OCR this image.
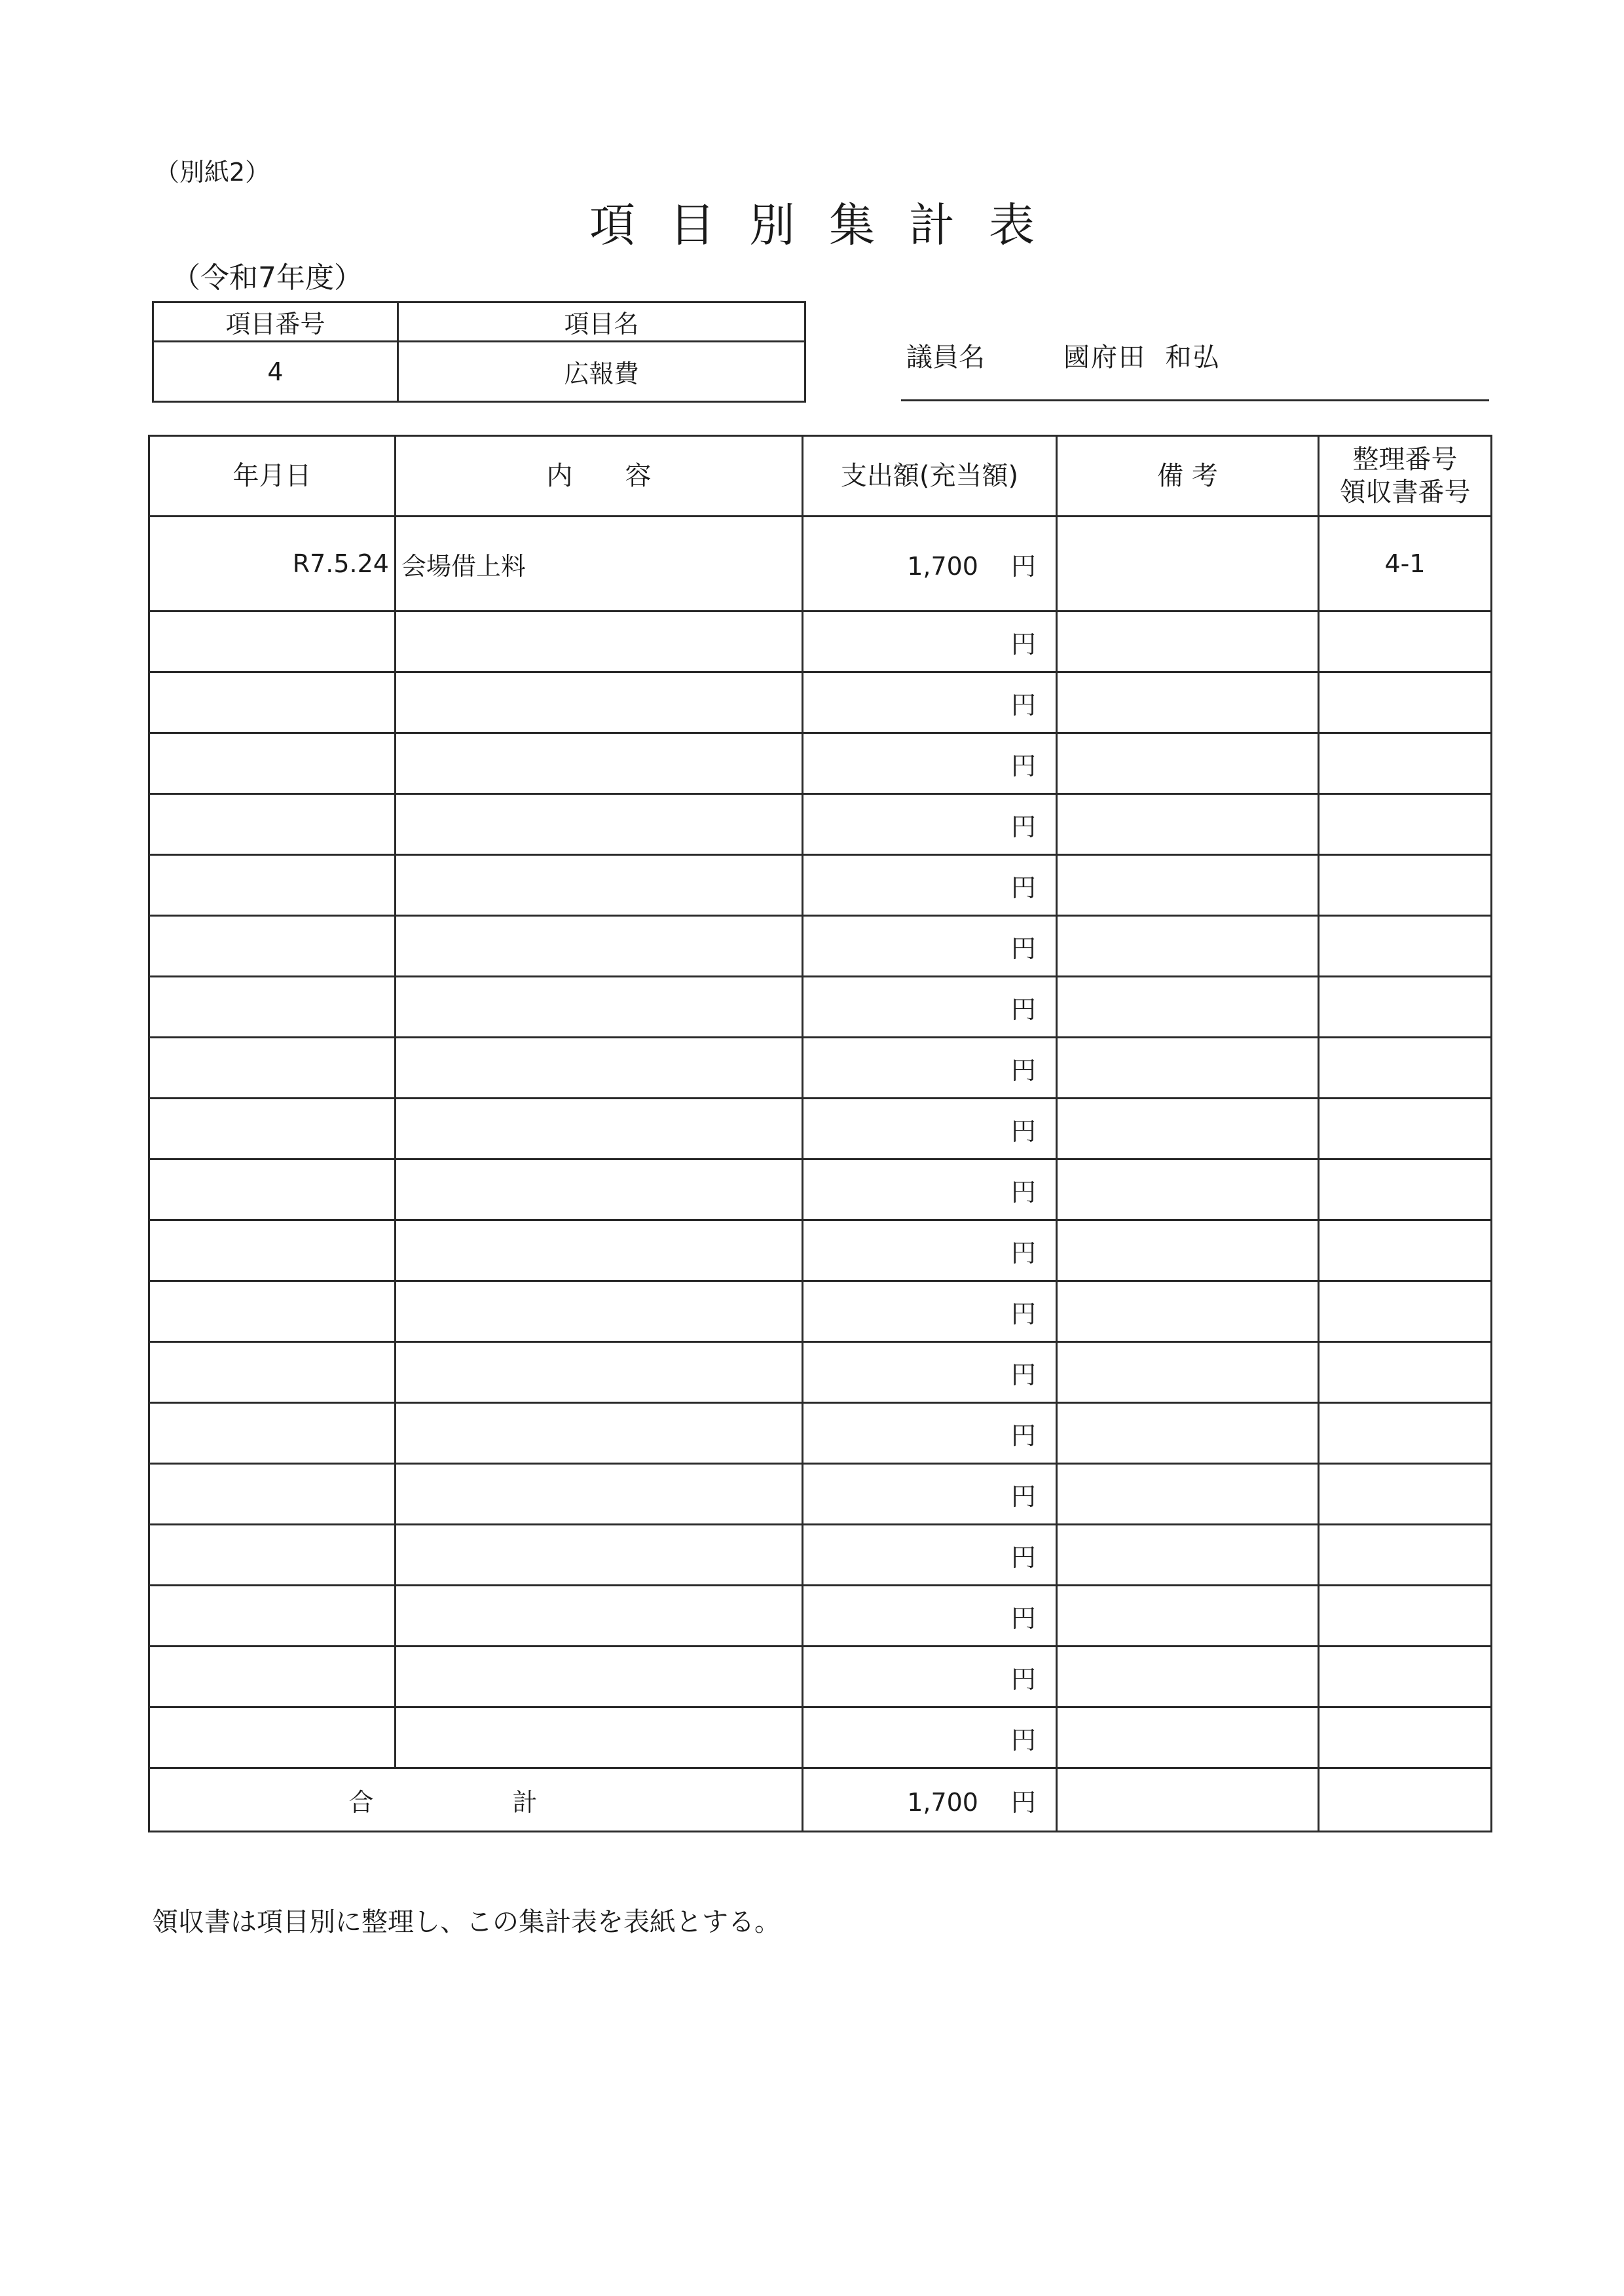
（別紙2）
項目別集計表
（令和7年度）
項目番号	項目名
4	広報費
議員名	國府田  和弘
年月日	内　　容	支出額(充当額)	備 考	整理番号
領収書番号
R7.5.24	会場借上料	1,700 円		4-1
		円		
		円		
		円		
		円		
		円		
		円		
		円		
		円		
		円		
		円		
		円		
		円		
		円		
		円		
		円		
		円		
		円		
		円		
		円		
合 計		1,700 円		
領収書は項目別に整理し、この集計表を表紙とする。
